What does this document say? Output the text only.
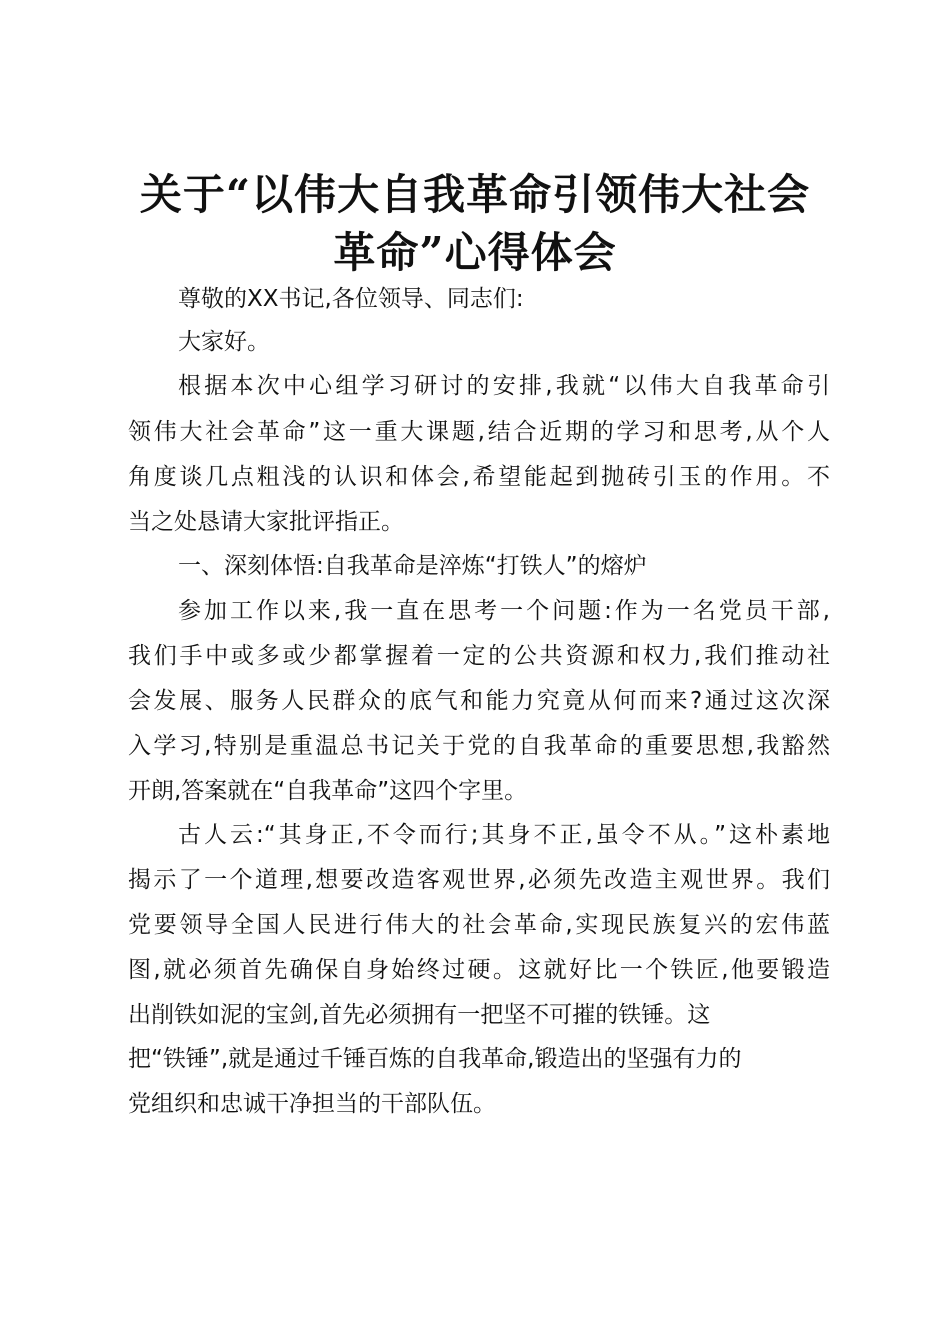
关于“以伟大自我革命引领伟大社会革命”心得体会
尊敬的XX书记,各位领导、同志们:
大家好。
根据本次中心组学习研讨的安排,我就“以伟大自我革命引
领伟大社会革命”这一重大课题,结合近期的学习和思考,从个人
角度谈几点粗浅的认识和体会,希望能起到抛砖引玉的作用。不
当之处恳请大家批评指正。
一、深刻体悟:自我革命是淬炼“打铁人”的熔炉
参加工作以来,我一直在思考一个问题:作为一名党员干部,
我们手中或多或少都掌握着一定的公共资源和权力,我们推动社
会发展、服务人民群众的底气和能力究竟从何而来?通过这次深
入学习,特别是重温总书记关于党的自我革命的重要思想,我豁然
开朗,答案就在“自我革命”这四个字里。
古人云:“其身正,不令而行;其身不正,虽令不从。”这朴素地
揭示了一个道理,想要改造客观世界,必须先改造主观世界。我们
党要领导全国人民进行伟大的社会革命,实现民族复兴的宏伟蓝
图,就必须首先确保自身始终过硬。这就好比一个铁匠,他要锻造
出削铁如泥的宝剑,首先必须拥有一把坚不可摧的铁锤。这
把“铁锤”,就是通过千锤百炼的自我革命,锻造出的坚强有力的
党组织和忠诚干净担当的干部队伍。
